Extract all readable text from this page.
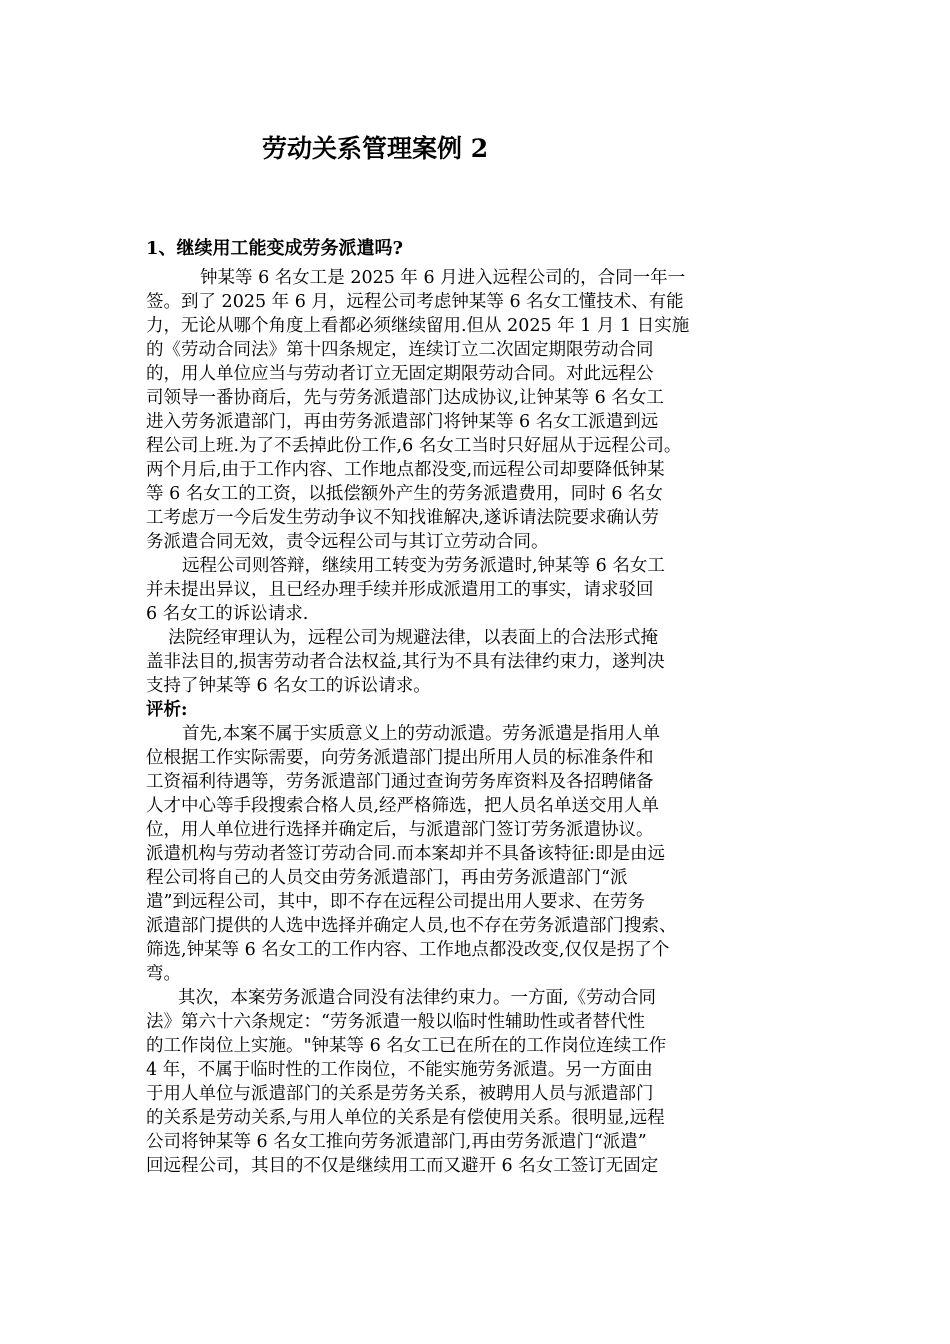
劳动关系管理案例 2
1、继续用工能变成劳务派遣吗?
钟某等 6 名女工是 2025 年 6 月进入远程公司的，合同一年一
签。到了 2025 年 6 月，远程公司考虑钟某等 6 名女工懂技术、有能
力，无论从哪个角度上看都必须继续留用.但从 2025 年 1 月 1 日实施
的《劳动合同法》第十四条规定，连续订立二次固定期限劳动合同
的，用人单位应当与劳动者订立无固定期限劳动合同。对此远程公
司领导一番协商后，先与劳务派遣部门达成协议,让钟某等 6 名女工
进入劳务派遣部门，再由劳务派遣部门将钟某等 6 名女工派遣到远
程公司上班.为了不丢掉此份工作,6 名女工当时只好屈从于远程公司。
两个月后,由于工作内容、工作地点都没变,而远程公司却要降低钟某
等 6 名女工的工资，以抵偿额外产生的劳务派遣费用，同时 6 名女
工考虑万一今后发生劳动争议不知找谁解决,遂诉请法院要求确认劳
务派遣合同无效，责令远程公司与其订立劳动合同。
远程公司则答辩，继续用工转变为劳务派遣时,钟某等 6 名女工
并未提出异议，且已经办理手续并形成派遣用工的事实，请求驳回
6 名女工的诉讼请求.
法院经审理认为，远程公司为规避法律，以表面上的合法形式掩
盖非法目的,损害劳动者合法权益,其行为不具有法律约束力，遂判决
支持了钟某等 6 名女工的诉讼请求。
评析:
首先,本案不属于实质意义上的劳动派遣。劳务派遣是指用人单
位根据工作实际需要，向劳务派遣部门提出所用人员的标准条件和
工资福利待遇等，劳务派遣部门通过查询劳务库资料及各招聘储备
人才中心等手段搜索合格人员,经严格筛选，把人员名单送交用人单
位，用人单位进行选择并确定后，与派遣部门签订劳务派遣协议。
派遣机构与劳动者签订劳动合同.而本案却并不具备该特征:即是由远
程公司将自己的人员交由劳务派遣部门，再由劳务派遣部门“派
遣”到远程公司，其中，即不存在远程公司提出用人要求、在劳务
派遣部门提供的人选中选择并确定人员,也不存在劳务派遣部门搜索、
筛选,钟某等 6 名女工的工作内容、工作地点都没改变,仅仅是拐了个
弯。
其次，本案劳务派遣合同没有法律约束力。一方面,《劳动合同
法》第六十六条规定：“劳务派遣一般以临时性辅助性或者替代性
的工作岗位上实施。"钟某等 6 名女工已在所在的工作岗位连续工作
4 年，不属于临时性的工作岗位，不能实施劳务派遣。另一方面由
于用人单位与派遣部门的关系是劳务关系，被聘用人员与派遣部门
的关系是劳动关系,与用人单位的关系是有偿使用关系。很明显,远程
公司将钟某等 6 名女工推向劳务派遣部门,再由劳务派遣门“派遣”
回远程公司，其目的不仅是继续用工而又避开 6 名女工签订无固定
